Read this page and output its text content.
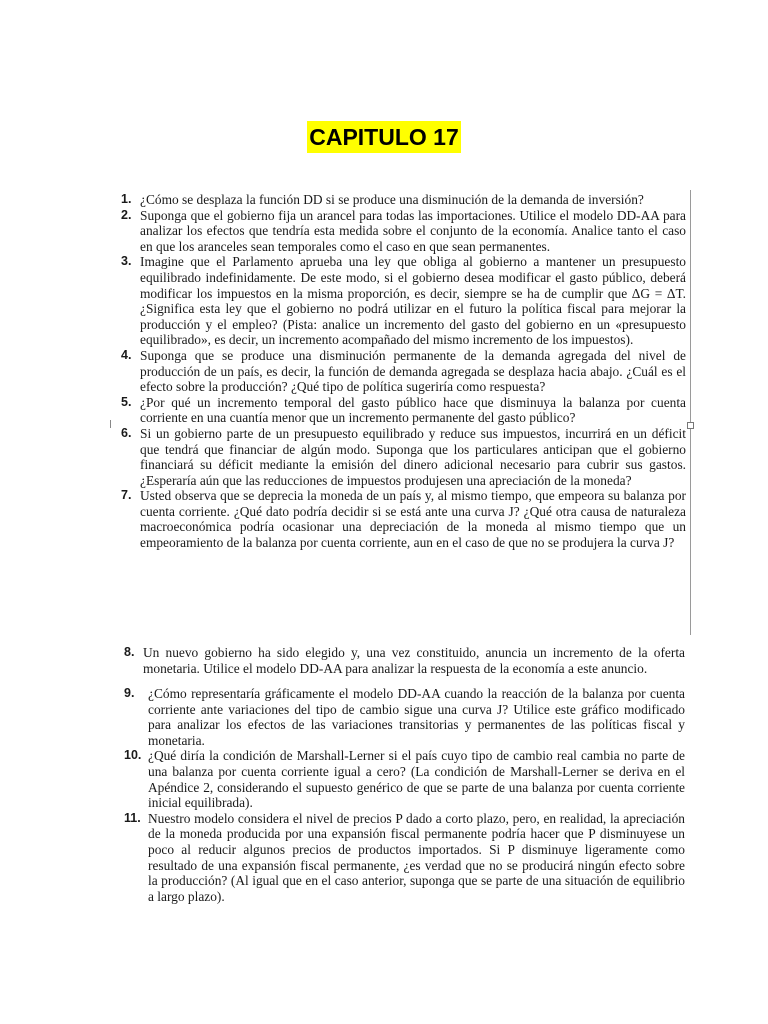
CAPITULO 17
1. ¿Cómo se desplaza la función DD si se produce una disminución de la demanda de inversión?
2. Suponga que el gobierno fija un arancel para todas las importaciones. Utilice el modelo DD-AA para analizar los efectos que tendría esta medida sobre el conjunto de la economía. Analice tanto el caso en que los aranceles sean temporales como el caso en que sean permanentes.
3. Imagine que el Parlamento aprueba una ley que obliga al gobierno a mantener un presupuesto equilibrado indefinidamente. De este modo, si el gobierno desea modificar el gasto público, deberá modificar los impuestos en la misma proporción, es decir, siempre se ha de cumplir que ΔG = ΔT. ¿Significa esta ley que el gobierno no podrá utilizar en el futuro la política fiscal para mejorar la producción y el empleo? (Pista: analice un incremento del gasto del gobierno en un «presupuesto equilibrado», es decir, un incremento acompañado del mismo incremento de los impuestos).
4. Suponga que se produce una disminución permanente de la demanda agregada del nivel de producción de un país, es decir, la función de demanda agregada se desplaza hacia abajo. ¿Cuál es el efecto sobre la producción? ¿Qué tipo de política sugeriría como respuesta?
5. ¿Por qué un incremento temporal del gasto público hace que disminuya la balanza por cuenta corriente en una cuantía menor que un incremento permanente del gasto público?
6. Si un gobierno parte de un presupuesto equilibrado y reduce sus impuestos, incurrirá en un déficit que tendrá que financiar de algún modo. Suponga que los particulares anticipan que el gobierno financiará su déficit mediante la emisión del dinero adicional necesario para cubrir sus gastos. ¿Esperaría aún que las reducciones de impuestos produjesen una apreciación de la moneda?
7. Usted observa que se deprecia la moneda de un país y, al mismo tiempo, que empeora su balanza por cuenta corriente. ¿Qué dato podría decidir si se está ante una curva J? ¿Qué otra causa de naturaleza macroeconómica podría ocasionar una depreciación de la moneda al mismo tiempo que un empeoramiento de la balanza por cuenta corriente, aun en el caso de que no se produjera la curva J?
8. Un nuevo gobierno ha sido elegido y, una vez constituido, anuncia un incremento de la oferta monetaria. Utilice el modelo DD-AA para analizar la respuesta de la economía a este anuncio.
9.	¿Cómo representaría gráficamente el modelo DD-AA cuando la reacción de la balanza por cuenta corriente ante variaciones del tipo de cambio sigue una curva J? Utilice este gráfico modificado para analizar los efectos de las variaciones transitorias y permanentes de las políticas fiscal y monetaria.
10. ¿Qué diría la condición de Marshall-Lerner si el país cuyo tipo de cambio real cambia no parte de una balanza por cuenta corriente igual a cero? (La condición de Marshall-Lerner se deriva en el Apéndice 2, considerando el supuesto genérico de que se parte de una balanza por cuenta corriente inicial equilibrada).
11. Nuestro modelo considera el nivel de precios P dado a corto plazo, pero, en realidad, la apreciación de la moneda producida por una expansión fiscal permanente podría hacer que P disminuyese un poco al reducir algunos precios de productos importados. Si P disminuye ligeramente como resultado de una expansión fiscal permanente, ¿es verdad que no se producirá ningún efecto sobre la producción? (Al igual que en el caso anterior, suponga que se parte de una situación de equilibrio a largo plazo).
